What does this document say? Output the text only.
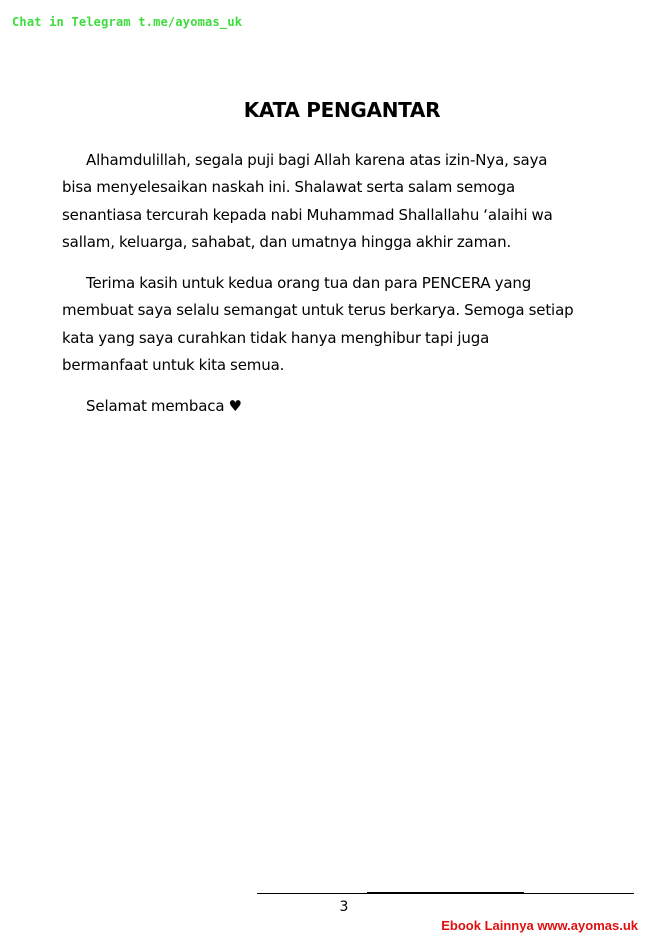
Chat in Telegram t.me/ayomas_uk
KATA PENGANTAR

Alhamdulillah, segala puji bagi Allah karena atas izin-Nya, saya
bisa menyelesaikan naskah ini. Shalawat serta salam semoga
senantiasa tercurah kepada nabi Muhammad Shallallahu ‘alaihi wa
sallam, keluarga, sahabat, dan umatnya hingga akhir zaman.

Terima kasih untuk kedua orang tua dan para PENCERA yang
membuat saya selalu semangat untuk terus berkarya. Semoga setiap
kata yang saya curahkan tidak hanya menghibur tapi juga
bermanfaat untuk kita semua.

Selamat membaca ♥

3
Ebook Lainnya www.ayomas.uk
